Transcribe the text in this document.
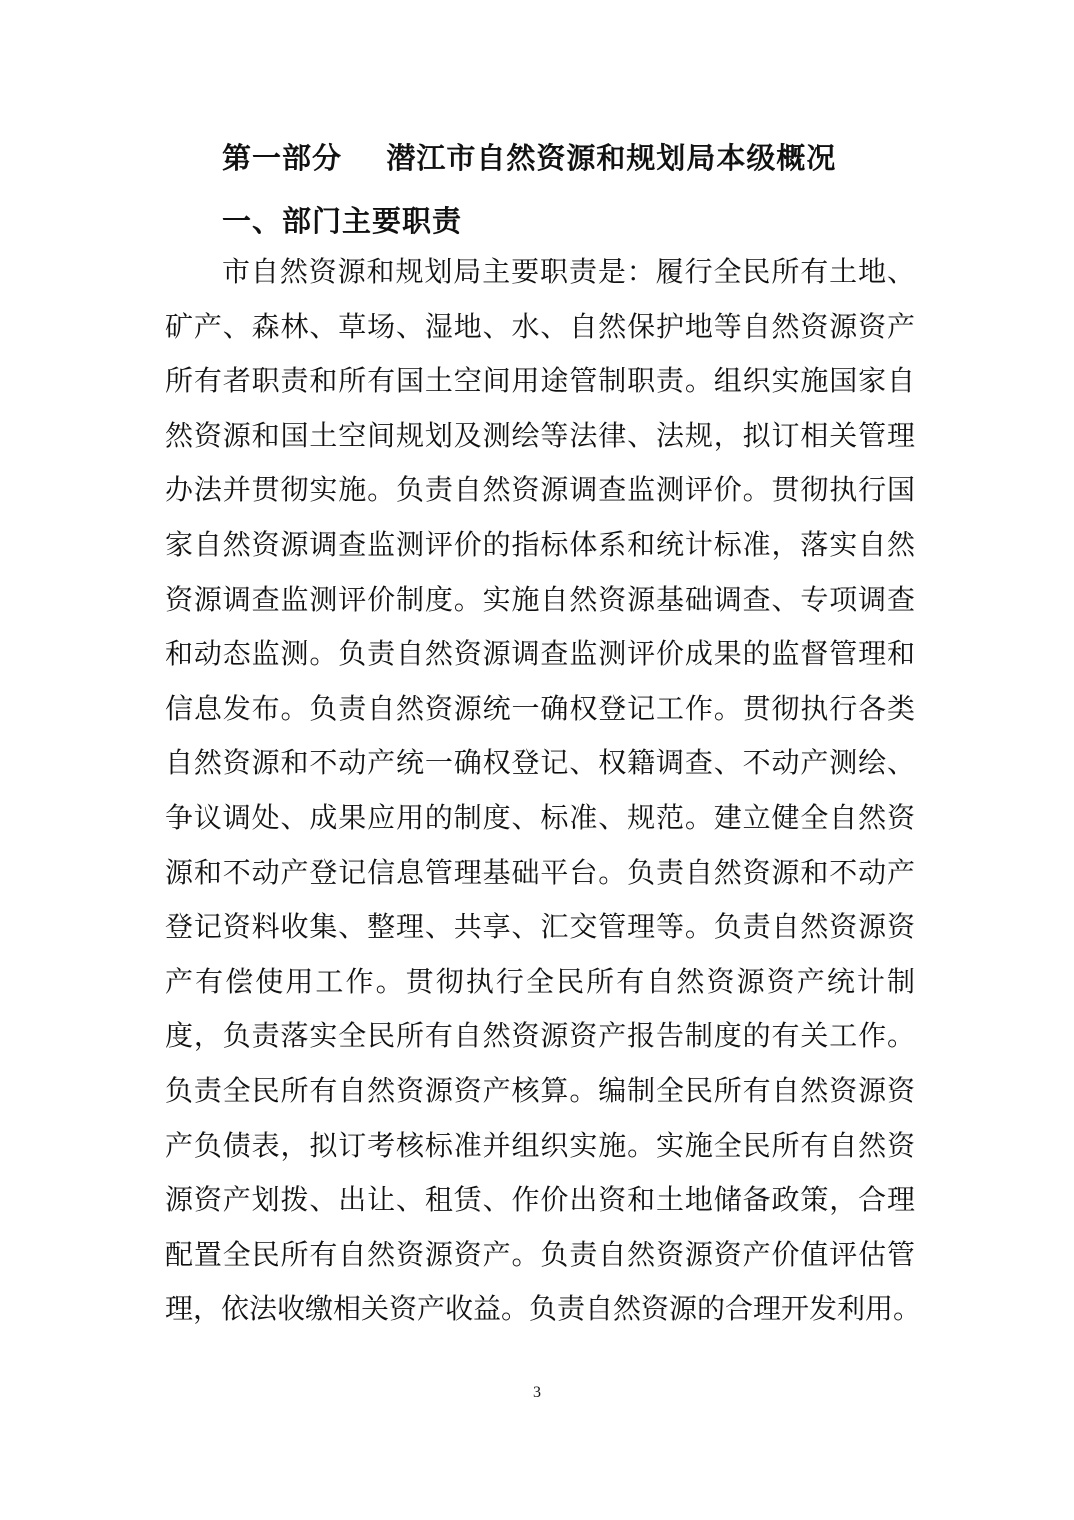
第一部分    潜江市自然资源和规划局本级概况
一、部门主要职责
市自然资源和规划局主要职责是：履行全民所有土地、
矿产、森林、草场、湿地、水、自然保护地等自然资源资产
所有者职责和所有国土空间用途管制职责。组织实施国家自
然资源和国土空间规划及测绘等法律、法规，拟订相关管理
办法并贯彻实施。负责自然资源调查监测评价。贯彻执行国
家自然资源调查监测评价的指标体系和统计标准，落实自然
资源调查监测评价制度。实施自然资源基础调查、专项调查
和动态监测。负责自然资源调查监测评价成果的监督管理和
信息发布。负责自然资源统一确权登记工作。贯彻执行各类
自然资源和不动产统一确权登记、权籍调查、不动产测绘、
争议调处、成果应用的制度、标准、规范。建立健全自然资
源和不动产登记信息管理基础平台。负责自然资源和不动产
登记资料收集、整理、共享、汇交管理等。负责自然资源资
产有偿使用工作。贯彻执行全民所有自然资源资产统计制
度，负责落实全民所有自然资源资产报告制度的有关工作。
负责全民所有自然资源资产核算。编制全民所有自然资源资
产负债表，拟订考核标准并组织实施。实施全民所有自然资
源资产划拨、出让、租赁、作价出资和土地储备政策，合理
配置全民所有自然资源资产。负责自然资源资产价值评估管
理，依法收缴相关资产收益。负责自然资源的合理开发利用。
3
